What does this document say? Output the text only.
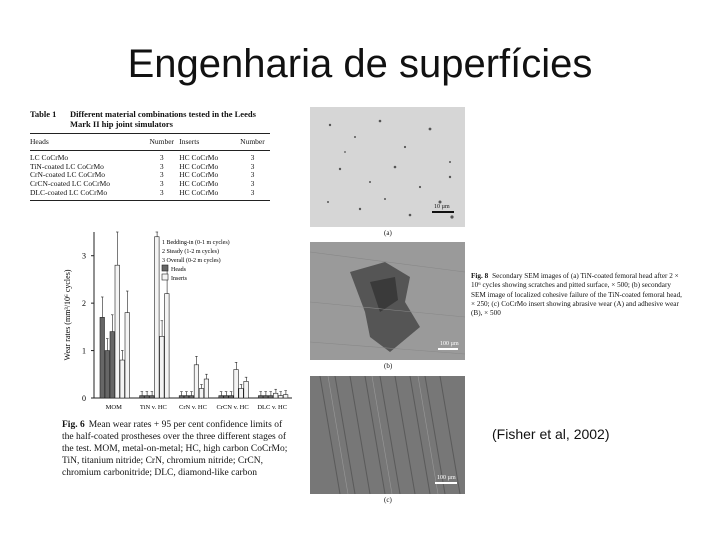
Engenharia de superfícies
Table 1	Different material combinations tested in the Leeds
Mark II hip joint simulators
Heads	Number	Inserts	Number

LC CoCrMo	3	HC CoCrMo	3
TiN-coated LC CoCrMo	3	HC CoCrMo	3
CrN-coated LC CoCrMo	3	HC CoCrMo	3
CrCN-coated LC CoCrMo	3	HC CoCrMo	3
DLC-coated LC CoCrMo	3	HC CoCrMo	3
0
1
2
3
Wear rates (mm³/10⁶ cycles)
MOM	TiN v. HC CrN v. HC CrCN v. HC DLC v. HC
1 Bedding-in (0-1 m cycles)
2 Steady (1-2 m cycles)
3 Overall (0-2 m cycles)
Heads
Inserts
Fig. 6 Mean wear rates + 95 per cent confidence limits of the half-coated prostheses over the three different stages of the test. MOM, metal-on-metal; HC, high carbon CoCrMo; TiN, titanium nitride; CrN, chromium nitride; CrCN, chromium carbonitride; DLC, diamond-like carbon
10 µm
(a)
100 µm
(b)
100 µm
(c)
Fig. 8 Secondary SEM images of (a) TiN-coated femoral head after 2 × 10⁶ cycles showing scratches and pitted surface, × 500; (b) secondary SEM image of localized cohesive failure of the TiN-coated femoral head, × 250; (c) CoCrMo insert showing abrasive wear (A) and adhesive wear (B), × 500
(Fisher et al, 2002)
